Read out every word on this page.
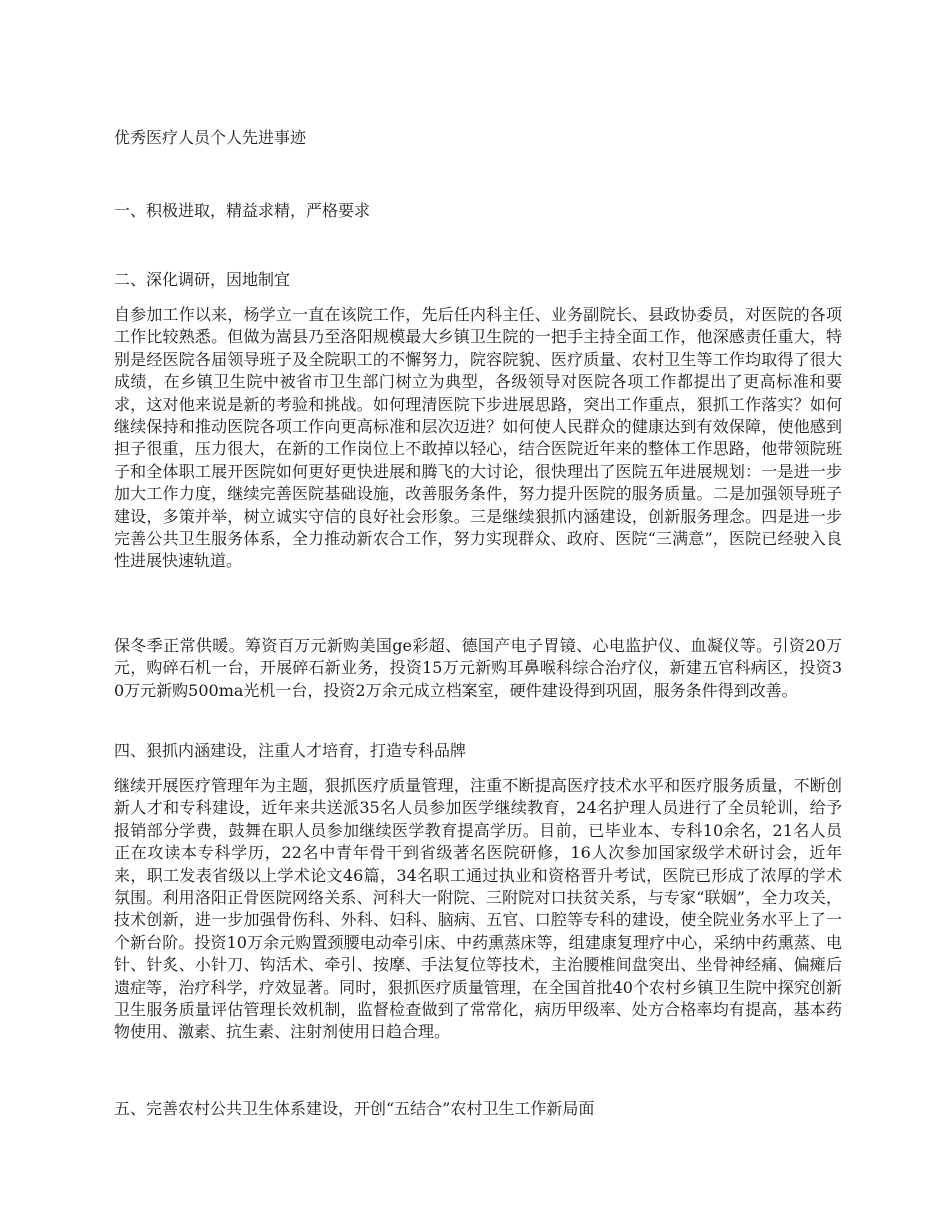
优秀医疗人员个人先进事迹

一、积极进取，精益求精，严格要求

二、深化调研，因地制宜

自参加工作以来，杨学立一直在该院工作，先后任内科主任、业务副院长、县政协委员，对医院的各项工作比较熟悉。但做为嵩县乃至洛阳规模最大乡镇卫生院的一把手主持全面工作，他深感责任重大，特别是经医院各届领导班子及全院职工的不懈努力，院容院貌、医疗质量、农村卫生等工作均取得了很大成绩，在乡镇卫生院中被省市卫生部门树立为典型，各级领导对医院各项工作都提出了更高标准和要求，这对他来说是新的考验和挑战。如何理清医院下步进展思路，突出工作重点，狠抓工作落实？如何继续保持和推动医院各项工作向更高标准和层次迈进？如何使人民群众的健康达到有效保障，使他感到担子很重，压力很大，在新的工作岗位上不敢掉以轻心，结合医院近年来的整体工作思路，他带领院班子和全体职工展开医院如何更好更快进展和腾飞的大讨论，很快理出了医院五年进展规划：一是进一步加大工作力度，继续完善医院基础设施，改善服务条件，努力提升医院的服务质量。二是加强领导班子建设，多策并举，树立诚实守信的良好社会形象。三是继续狠抓内涵建设，创新服务理念。四是进一步完善公共卫生服务体系，全力推动新农合工作，努力实现群众、政府、医院“三满意”，医院已经驶入良性进展快速轨道。

保冬季正常供暖。筹资百万元新购美国ge彩超、德国产电子胃镜、心电监护仪、血凝仪等。引资20万元，购碎石机一台，开展碎石新业务，投资15万元新购耳鼻喉科综合治疗仪，新建五官科病区，投资30万元新购500ma光机一台，投资2万余元成立档案室，硬件建设得到巩固，服务条件得到改善。

四、狠抓内涵建设，注重人才培育，打造专科品牌

继续开展医疗管理年为主题，狠抓医疗质量管理，注重不断提高医疗技术水平和医疗服务质量，不断创新人才和专科建设，近年来共送派35名人员参加医学继续教育，24名护理人员进行了全员轮训，给予报销部分学费，鼓舞在职人员参加继续医学教育提高学历。目前，已毕业本、专科10余名，21名人员正在攻读本专科学历，22名中青年骨干到省级著名医院研修，16人次参加国家级学术研讨会，近年来，职工发表省级以上学术论文46篇，34名职工通过执业和资格晋升考试，医院已形成了浓厚的学术氛围。利用洛阳正骨医院网络关系、河科大一附院、三附院对口扶贫关系，与专家“联姻”，全力攻关，技术创新，进一步加强骨伤科、外科、妇科、脑病、五官、口腔等专科的建设，使全院业务水平上了一个新台阶。投资10万余元购置颈腰电动牵引床、中药熏蒸床等，组建康复理疗中心，采纳中药熏蒸、电针、针炙、小针刀、钩活术、牵引、按摩、手法复位等技术，主治腰椎间盘突出、坐骨神经痛、偏瘫后遗症等，治疗科学，疗效显著。同时，狠抓医疗质量管理，在全国首批40个农村乡镇卫生院中探究创新卫生服务质量评估管理长效机制，监督检查做到了常常化，病历甲级率、处方合格率均有提高，基本药物使用、激素、抗生素、注射剂使用日趋合理。

五、完善农村公共卫生体系建设，开创“五结合”农村卫生工作新局面
